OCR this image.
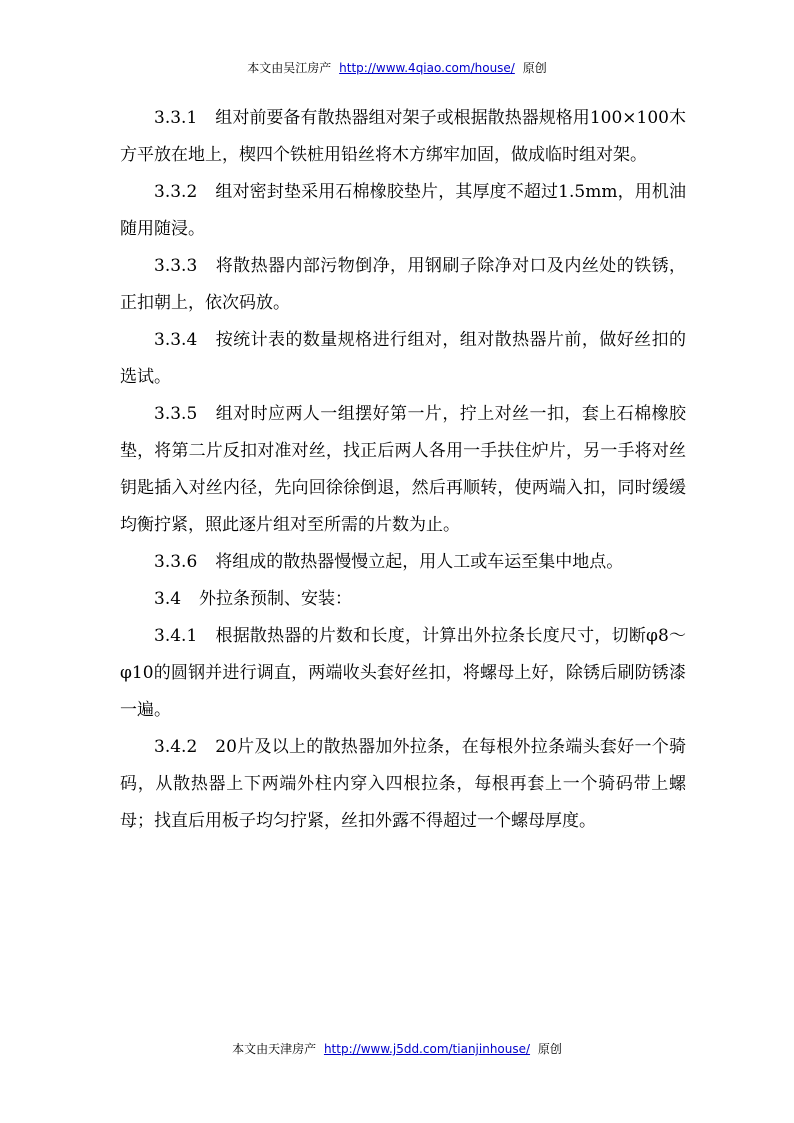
本文由吴江房产 http://www.4qiao.com/house/ 原创

3.3.1 组对前要备有散热器组对架子或根据散热器规格用100×100木方平放在地上，楔四个铁桩用铅丝将木方绑牢加固，做成临时组对架。

3.3.2 组对密封垫采用石棉橡胶垫片，其厚度不超过1.5mm，用机油随用随浸。

3.3.3 将散热器内部污物倒净，用钢刷子除净对口及内丝处的铁锈，正扣朝上，依次码放。

3.3.4 按统计表的数量规格进行组对，组对散热器片前，做好丝扣的选试。

3.3.5 组对时应两人一组摆好第一片，拧上对丝一扣，套上石棉橡胶垫，将第二片反扣对准对丝，找正后两人各用一手扶住炉片，另一手将对丝钥匙插入对丝内径，先向回徐徐倒退，然后再顺转，使两端入扣，同时缓缓均衡拧紧，照此逐片组对至所需的片数为止。

3.3.6 将组成的散热器慢慢立起，用人工或车运至集中地点。

3.4 外拉条预制、安装：

3.4.1 根据散热器的片数和长度，计算出外拉条长度尺寸，切断φ8～φ10的圆钢并进行调直，两端收头套好丝扣，将螺母上好，除锈后刷防锈漆一遍。

3.4.2 20片及以上的散热器加外拉条，在每根外拉条端头套好一个骑码，从散热器上下两端外柱内穿入四根拉条，每根再套上一个骑码带上螺母；找直后用板子均匀拧紧，丝扣外露不得超过一个螺母厚度。

本文由天津房产 http://www.j5dd.com/tianjinhouse/ 原创
